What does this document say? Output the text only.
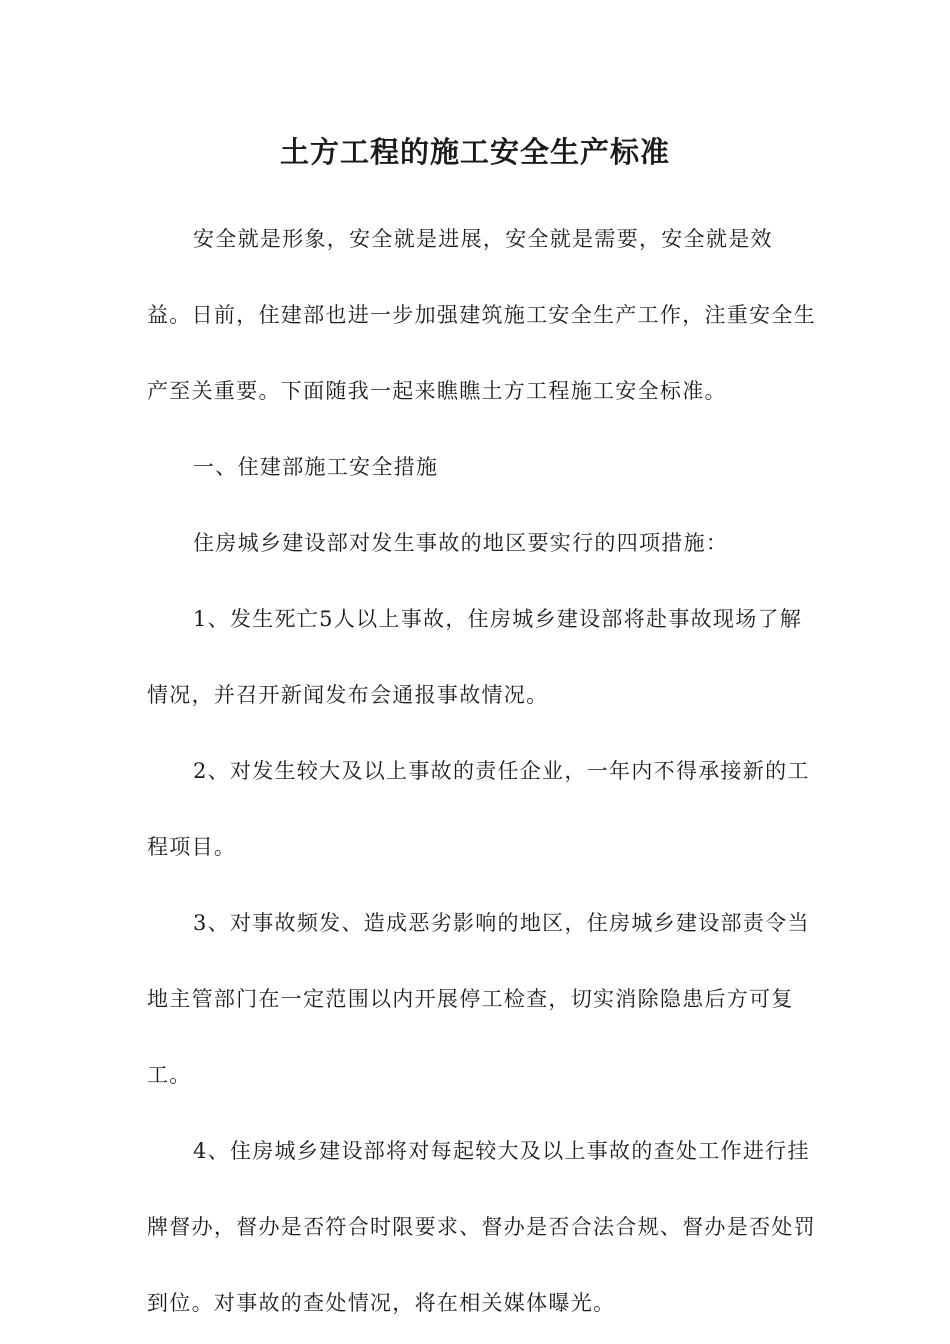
土方工程的施工安全生产标准

安全就是形象，安全就是进展，安全就是需要，安全就是效益。日前，住建部也进一步加强建筑施工安全生产工作，注重安全生产至关重要。下面随我一起来瞧瞧土方工程施工安全标准。

一、住建部施工安全措施

住房城乡建设部对发生事故的地区要实行的四项措施：

1、发生死亡5人以上事故，住房城乡建设部将赴事故现场了解情况，并召开新闻发布会通报事故情况。

2、对发生较大及以上事故的责任企业，一年内不得承接新的工程项目。

3、对事故频发、造成恶劣影响的地区，住房城乡建设部责令当地主管部门在一定范围以内开展停工检查，切实消除隐患后方可复工。

4、住房城乡建设部将对每起较大及以上事故的查处工作进行挂牌督办，督办是否符合时限要求、督办是否合法合规、督办是否处罚到位。对事故的查处情况，将在相关媒体曝光。
